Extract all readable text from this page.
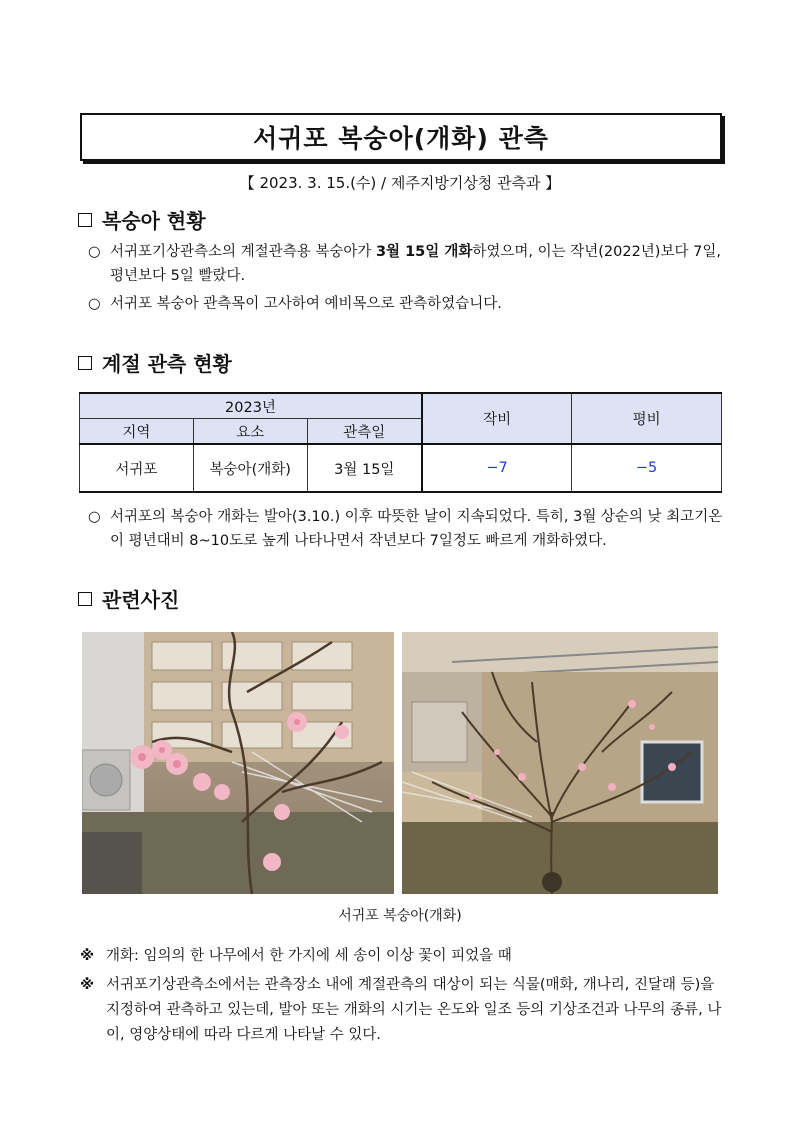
서귀포 복숭아(개화) 관측
【 2023. 3. 15.(수) / 제주지방기상청 관측과 】
복숭아 현황
○ 서귀포기상관측소의 계절관측용 복숭아가 3월 15일 개화하였으며, 이는 작년(2022년)보다 7일, 평년보다 5일 빨랐다.
○ 서귀포 복숭아 관측목이 고사하여 예비목으로 관측하였습니다.
계절 관측 현황
2023년			작비	평비
지역	요소	관측일		
서귀포	복숭아(개화)	3월 15일	−7	−5
○ 서귀포의 복숭아 개화는 발아(3.10.) 이후 따뜻한 날이 지속되었다. 특히, 3월 상순의 낮 최고기온이 평년대비 8~10도로 높게 나타나면서 작년보다 7일정도 빠르게 개화하였다.
관련사진
서귀포 복숭아(개화)
※ 개화: 임의의 한 나무에서 한 가지에 세 송이 이상 꽃이 피었을 때
※ 서귀포기상관측소에서는 관측장소 내에 계절관측의 대상이 되는 식물(매화, 개나리, 진달래 등)을 지정하여 관측하고 있는데, 발아 또는 개화의 시기는 온도와 일조 등의 기상조건과 나무의 종류, 나이, 영양상태에 따라 다르게 나타날 수 있다.
